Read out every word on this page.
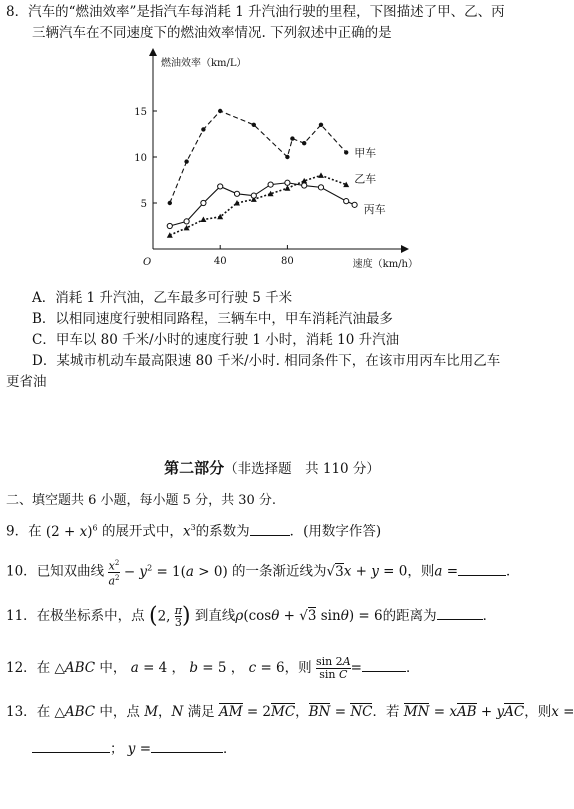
8．汽车的“燃油效率”是指汽车每消耗 1 升汽油行驶的里程，下图描述了甲、乙、丙
三辆汽车在不同速度下的燃油效率情况. 下列叙述中正确的是
5
10
15
40	80
O
燃油效率（km/L）
速度（km/h）
甲车
乙车
丙车
A．消耗 1 升汽油，乙车最多可行驶 5 千米
B．以相同速度行驶相同路程，三辆车中，甲车消耗汽油最多
C．甲车以 80 千米/小时的速度行驶 1 小时，消耗 10 升汽油
D．某城市机动车最高限速 80 千米/小时. 相同条件下，在该市用丙车比用乙车
更省油
第二部分（非选择题　共 110 分）
二、填空题共 6 小题，每小题 5 分，共 30 分.
9．在 $(2 + x)^6$ 的展开式中，$x^3$的系数为	．(用数字作答)
10．已知双曲线 $\frac{x^2}{a^2} - y^2 = 1(a > 0)$ 的一条渐近线为√3x + y = 0，则a =	．
11．在极坐标系中，点 (2, $\frac{\pi}{3}$ ) 到直线ρ(cosθ + √3 sinθ) = 6的距离为	．
12．在 △ABC 中， a = 4 ， b = 5 ， c = 6，则 $\frac{\sin 2A}{\text{sin C}}$ =	．
13．在 △ABC 中，点 M，N 满足 AM = 2MC，BN = NC．若 MN = xAB + yAC，则x =
； y =	．
